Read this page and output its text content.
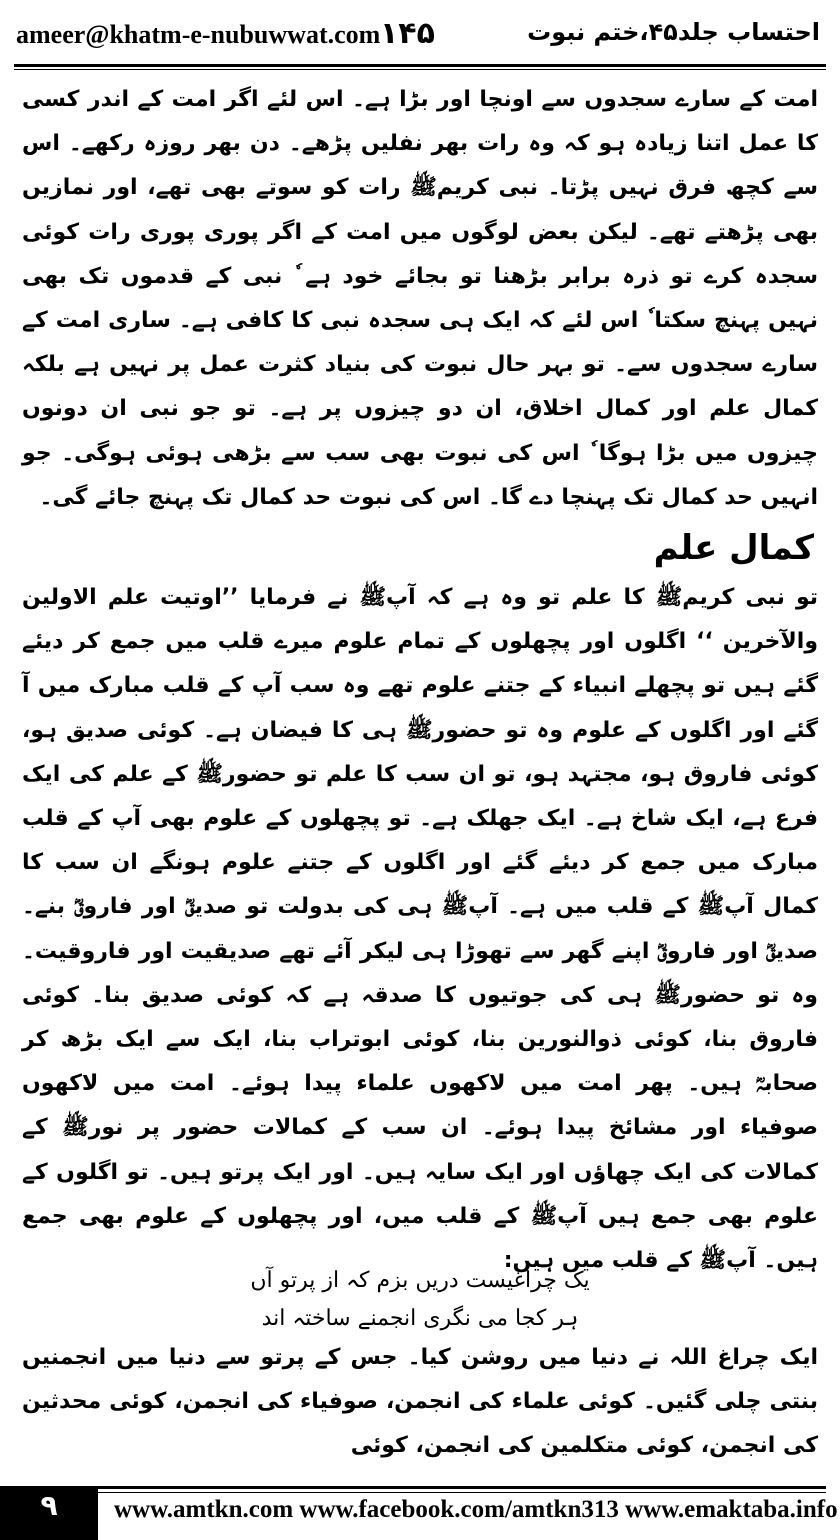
ameer@khatm-e-nubuwwat.com ۱۴۵	احتساب جلد۴۵،ختم نبوت

امت کے سارے سجدوں سے اونچا اور بڑا ہے۔ اس لئے اگر امت کے اندر کسی کا عمل اتنا زیادہ ہو کہ وہ رات بھر نفلیں پڑھے۔ دن بھر روزہ رکھے۔ اس سے کچھ فرق نہیں پڑتا۔ نبی کریمﷺ رات کو سوتے بھی تھے، اور نمازیں بھی پڑھتے تھے۔ لیکن بعض لوگوں میں امت کے اگر پوری پوری رات کوئی سجدہ کرے تو ذرہ برابر بڑھنا تو بجائے خود ہے ٗ نبی کے قدموں تک بھی نہیں پہنچ سکتا ٗ اس لئے کہ ایک ہی سجدہ نبی کا کافی ہے۔ ساری امت کے سارے سجدوں سے۔ تو بہر حال نبوت کی بنیاد کثرت عمل پر نہیں ہے بلکہ کمال علم اور کمال اخلاق، ان دو چیزوں پر ہے۔ تو جو نبی ان دونوں چیزوں میں بڑا ہوگا ٗ اس کی نبوت بھی سب سے بڑھی ہوئی ہوگی۔ جو انہیں حد کمال تک پہنچا دے گا۔ اس کی نبوت حد کمال تک پہنچ جائے گی۔

کمال علم

تو نبی کریمﷺ کا علم تو وہ ہے کہ آپﷺ نے فرمایا ’’اوتیت علم الاولین والآخرین ‘‘ اگلوں اور پچھلوں کے تمام علوم میرے قلب میں جمع کر دیئے گئے ہیں تو پچھلے انبیاء کے جتنے علوم تھے وہ سب آپ کے قلب مبارک میں آ گئے اور اگلوں کے علوم وہ تو حضورﷺ ہی کا فیضان ہے۔ کوئی صدیق ہو، کوئی فاروق ہو، مجتہد ہو، تو ان سب کا علم تو حضورﷺ کے علم کی ایک فرع ہے، ایک شاخ ہے۔ ایک جھلک ہے۔ تو پچھلوں کے علوم بھی آپ کے قلب مبارک میں جمع کر دیئے گئے اور اگلوں کے جتنے علوم ہونگے ان سب کا کمال آپﷺ کے قلب میں ہے۔ آپﷺ ہی کی بدولت تو صدیقؓ اور فاروقؓ بنے۔ صدیقؓ اور فاروقؓ اپنے گھر سے تھوڑا ہی لیکر آئے تھے صدیقیت اور فاروقیت۔ وہ تو حضورﷺ ہی کی جوتیوں کا صدقہ ہے کہ کوئی صدیق بنا۔ کوئی فاروق بنا، کوئی ذوالنورین بنا، کوئی ابوتراب بنا، ایک سے ایک بڑھ کر صحابہؓ ہیں۔ پھر امت میں لاکھوں علماء پیدا ہوئے۔ امت میں لاکھوں صوفیاء اور مشائخ پیدا ہوئے۔ ان سب کے کمالات حضور پر نورﷺ کے کمالات کی ایک چھاؤں اور ایک سایہ ہیں۔ اور ایک پرتو ہیں۔ تو اگلوں کے علوم بھی جمع ہیں آپﷺ کے قلب میں، اور پچھلوں کے علوم بھی جمع ہیں۔ آپﷺ کے قلب میں ہیں:

یک چراغیست دریں بزم کہ از پرتو آں
ہر کجا می نگری انجمنے ساختہ اند

ایک چراغ اللہ نے دنیا میں روشن کیا۔ جس کے پرتو سے دنیا میں انجمنیں بنتی چلی گئیں۔ کوئی علماء کی انجمن، صوفیاء کی انجمن، کوئی محدثین کی انجمن، کوئی متکلمین کی انجمن، کوئی

۹	www.amtkn.com www.facebook.com/amtkn313 www.emaktaba.info
